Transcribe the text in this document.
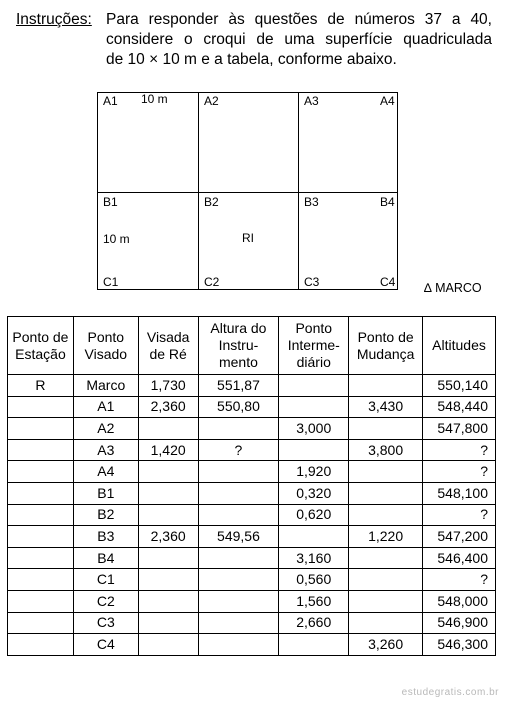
Instruções: Para responder às questões de números 37 a 40,
considere o croqui de uma superfície quadriculada
de 10 × 10 m e a tabela, conforme abaixo.
A1	A2	A3	A4
B1	B2	B3	B4
C1	C2	C3	C4
10 m
10 m	RI
∆ MARCO
Ponto de Estação	Ponto Visado	Visada de Ré	Altura do Instru- mento	Ponto Interme- diário	Ponto de Mudança	Altitudes
R	Marco	1,730	551,87			550,140
	A1	2,360	550,80		3,430	548,440
	A2			3,000		547,800
	A3	1,420	?		3,800	?
	A4			1,920		?
	B1			0,320		548,100
	B2			0,620		?
	B3	2,360	549,56		1,220	547,200
	B4			3,160		546,400
	C1			0,560		?
	C2			1,560		548,000
	C3			2,660		546,900
	C4				3,260	546,300
estudegratis.com.br
